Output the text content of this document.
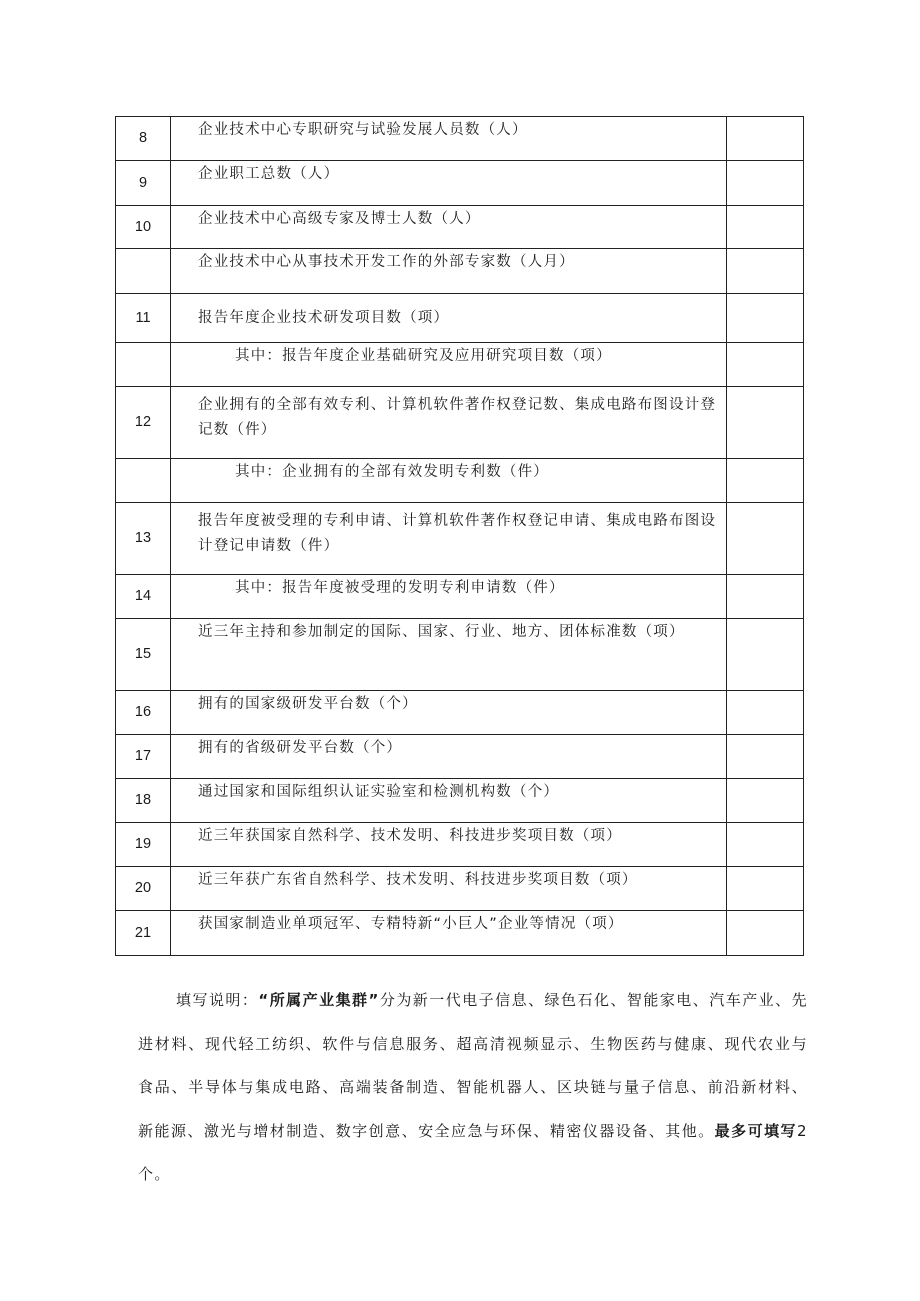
8	企业技术中心专职研究与试验发展人员数（人）	
9	企业职工总数（人）	
10	企业技术中心高级专家及博士人数（人）	
	企业技术中心从事技术开发工作的外部专家数（人月）	
11	报告年度企业技术研发项目数（项）	
	其中：报告年度企业基础研究及应用研究项目数（项）	
12	企业拥有的全部有效专利、计算机软件著作权登记数、集成电路布图设计登记数（件）	
	其中：企业拥有的全部有效发明专利数（件）	
13	报告年度被受理的专利申请、计算机软件著作权登记申请、集成电路布图设计登记申请数（件）	
14	其中：报告年度被受理的发明专利申请数（件）	
15	近三年主持和参加制定的国际、国家、行业、地方、团体标准数（项）	
16	拥有的国家级研发平台数（个）	
17	拥有的省级研发平台数（个）	
18	通过国家和国际组织认证实验室和检测机构数（个）	
19	近三年获国家自然科学、技术发明、科技进步奖项目数（项）	
20	近三年获广东省自然科学、技术发明、科技进步奖项目数（项）	
21	获国家制造业单项冠军、专精特新“小巨人”企业等情况（项）	

填写说明：“所属产业集群”分为新一代电子信息、绿色石化、智能家电、汽车产业、先进材料、现代轻工纺织、软件与信息服务、超高清视频显示、生物医药与健康、现代农业与食品、半导体与集成电路、高端装备制造、智能机器人、区块链与量子信息、前沿新材料、新能源、激光与增材制造、数字创意、安全应急与环保、精密仪器设备、其他。最多可填写2个。
